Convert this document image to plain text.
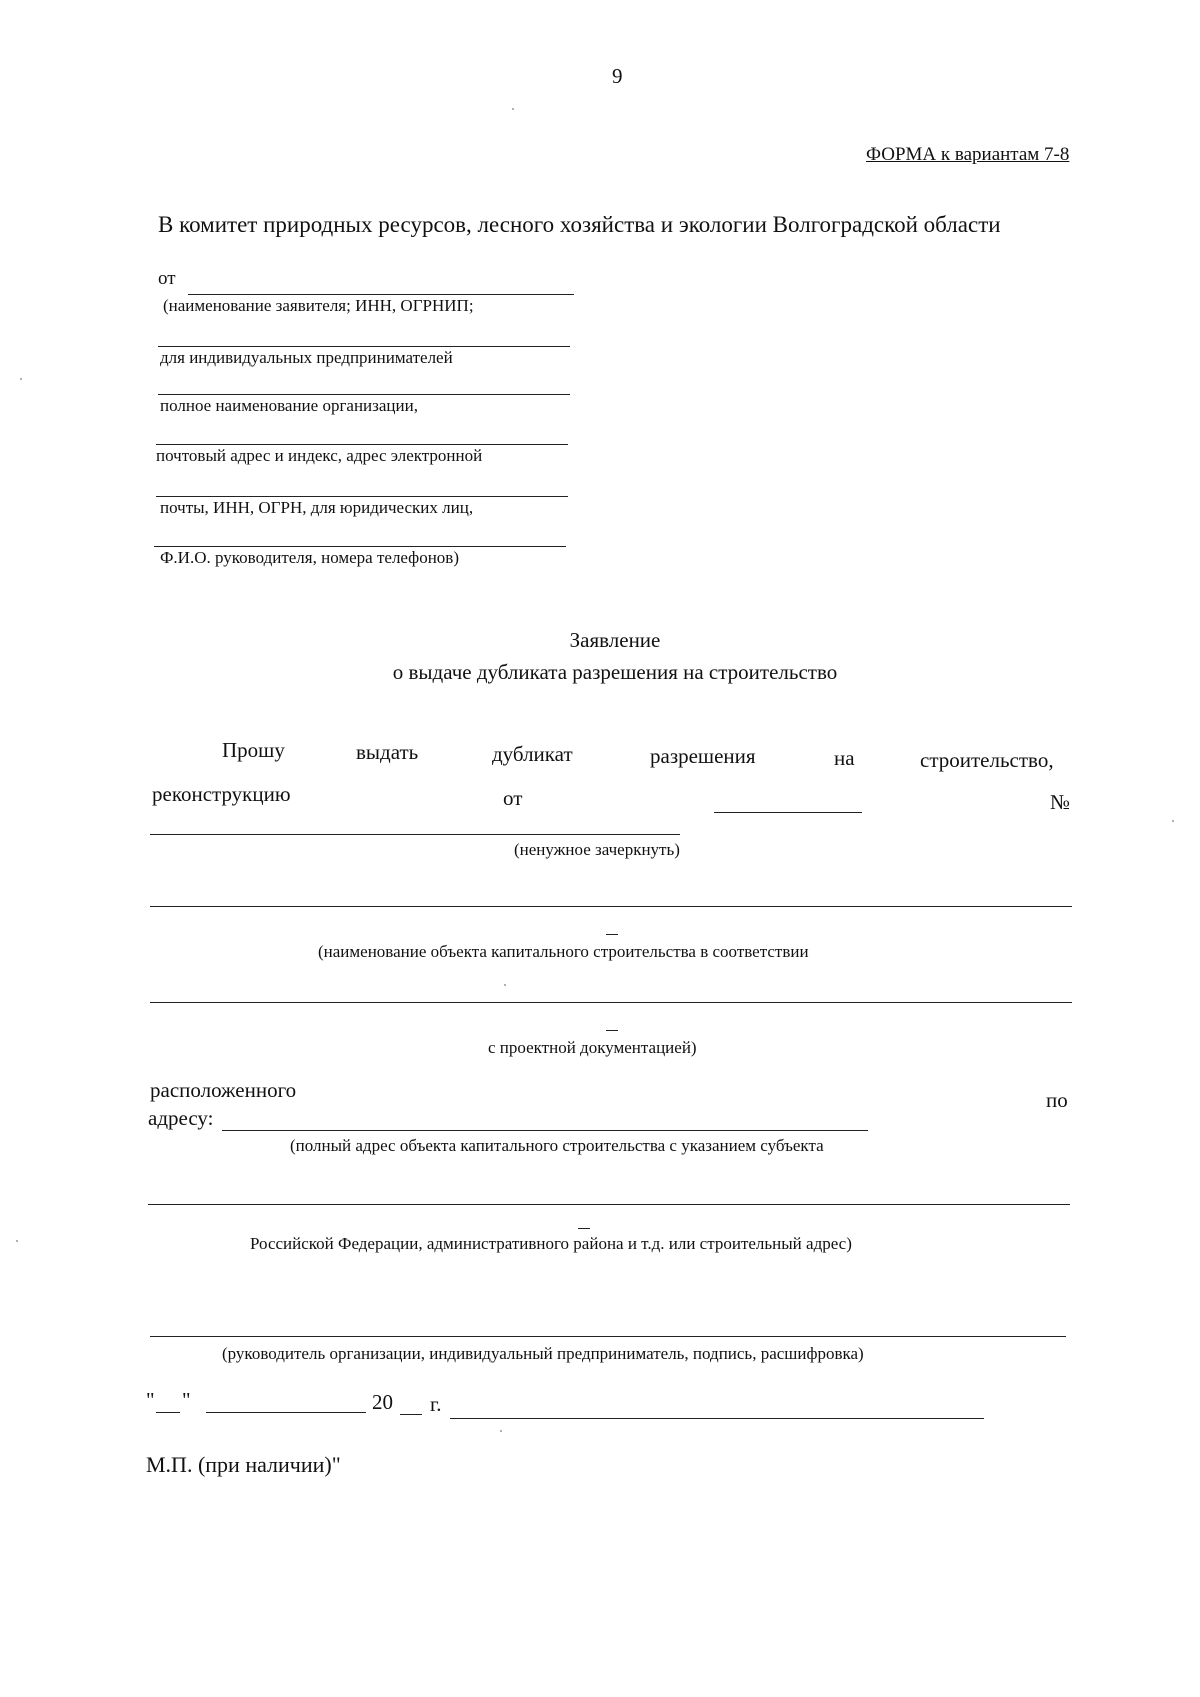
9
ФОРМА к вариантам 7-8
В комитет природных ресурсов, лесного хозяйства и экологии Волгоградской области
от
(наименование заявителя; ИНН, ОГРНИП;
для индивидуальных предпринимателей
полное наименование организации,
почтовый адрес и индекс, адрес электронной
почты, ИНН, ОГРН, для юридических лиц,
Ф.И.О. руководителя, номера телефонов)
Заявление
о выдаче дубликата разрешения на строительство
Прошу	выдать	дубликат	разрешения	на	строительство,
реконструкцию	от	№
(ненужное зачеркнуть)
(наименование объекта капитального строительства в соответствии
с проектной документацией)
расположенного	по
адресу:
(полный адрес объекта капитального строительства с указанием субъекта
Российской Федерации, административного района и т.д. или строительный адрес)
(руководитель организации, индивидуальный предприниматель, подпись, расшифровка)
" "	20 г.
М.П. (при наличии)"
